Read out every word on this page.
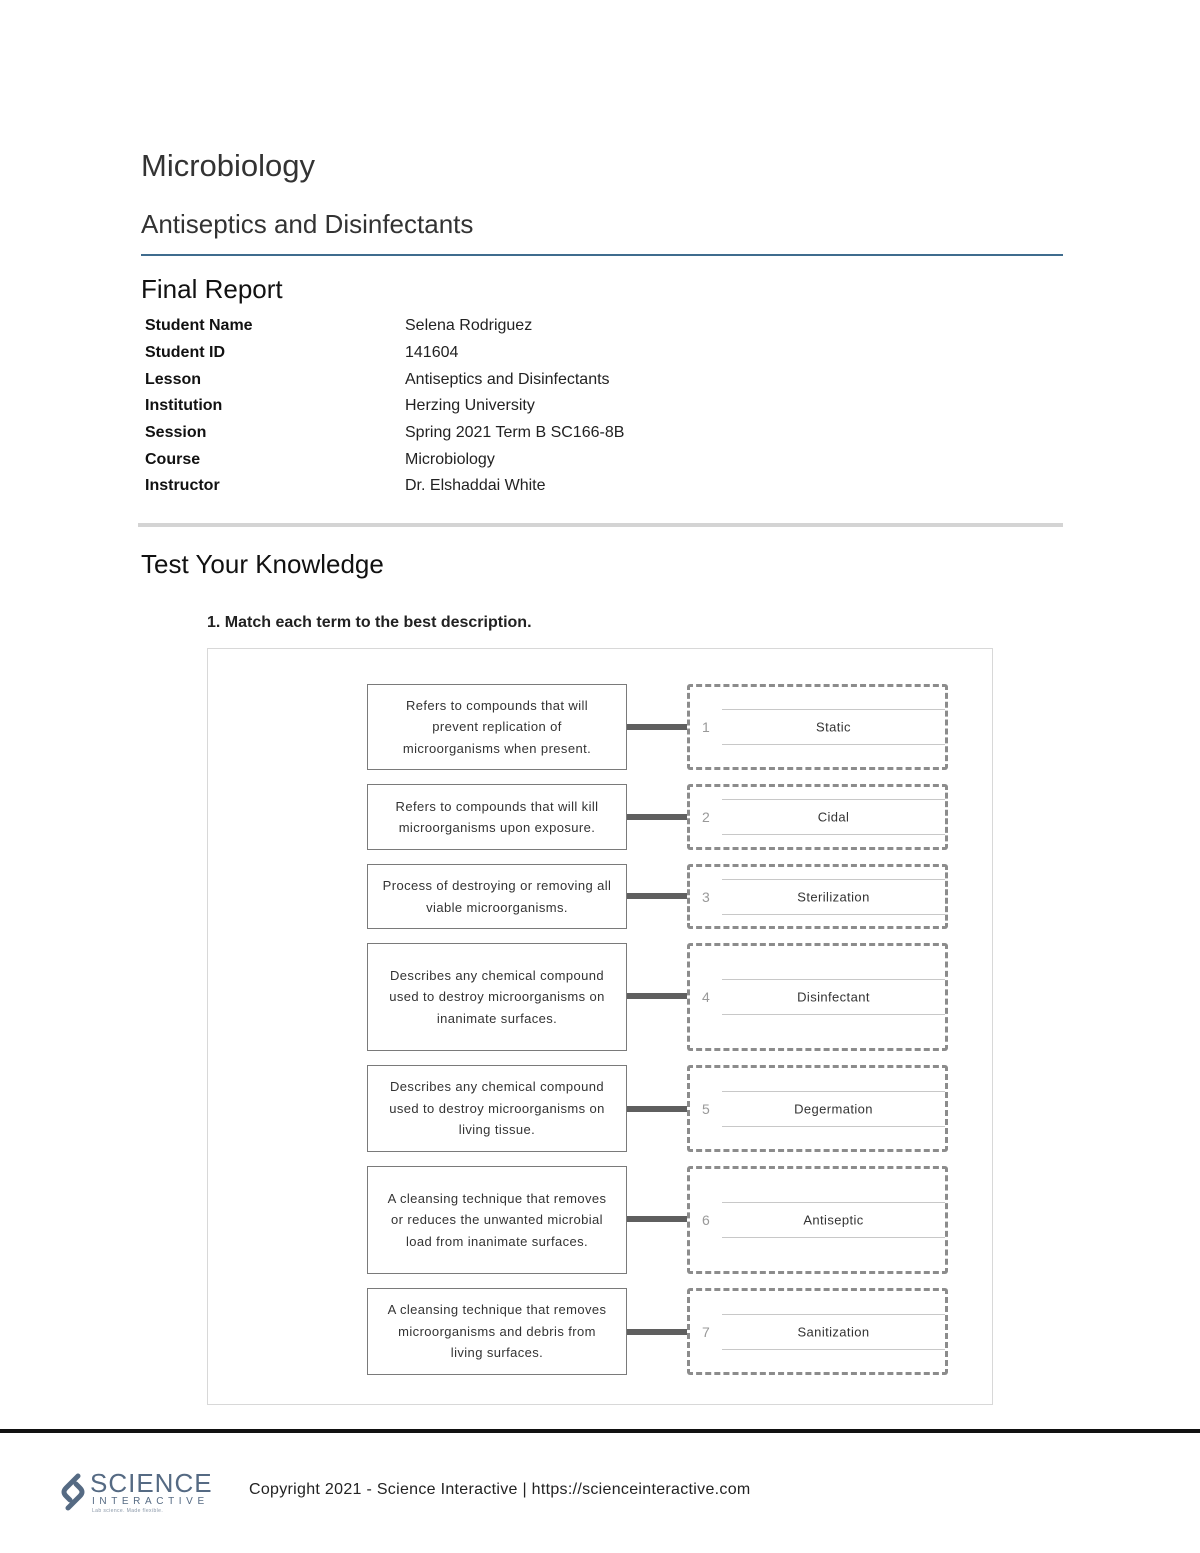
Microbiology
Antiseptics and Disinfectants
Final Report
Student Name	Selena Rodriguez
Student ID	141604
Lesson	Antiseptics and Disinfectants
Institution	Herzing University
Session	Spring 2021 Term B SC166-8B
Course	Microbiology
Instructor	Dr. Elshaddai White
Test Your Knowledge

1. Match each term to the best description.

Refers to compounds that will prevent replication of microorganisms when present.
1	Static
Refers to compounds that will kill microorganisms upon exposure.
2	Cidal
Process of destroying or removing all viable microorganisms.
3	Sterilization
Describes any chemical compound used to destroy microorganisms on inanimate surfaces.
4	Disinfectant
Describes any chemical compound used to destroy microorganisms on living tissue.
5	Degermation
A cleansing technique that removes or reduces the unwanted microbial load from inanimate surfaces.
6	Antiseptic
A cleansing technique that removes microorganisms and debris from living surfaces.
7	Sanitization
SCIENCE
INTERACTIVE
Lab science. Made flexible.
Copyright 2021 - Science Interactive | https://scienceinteractive.com
